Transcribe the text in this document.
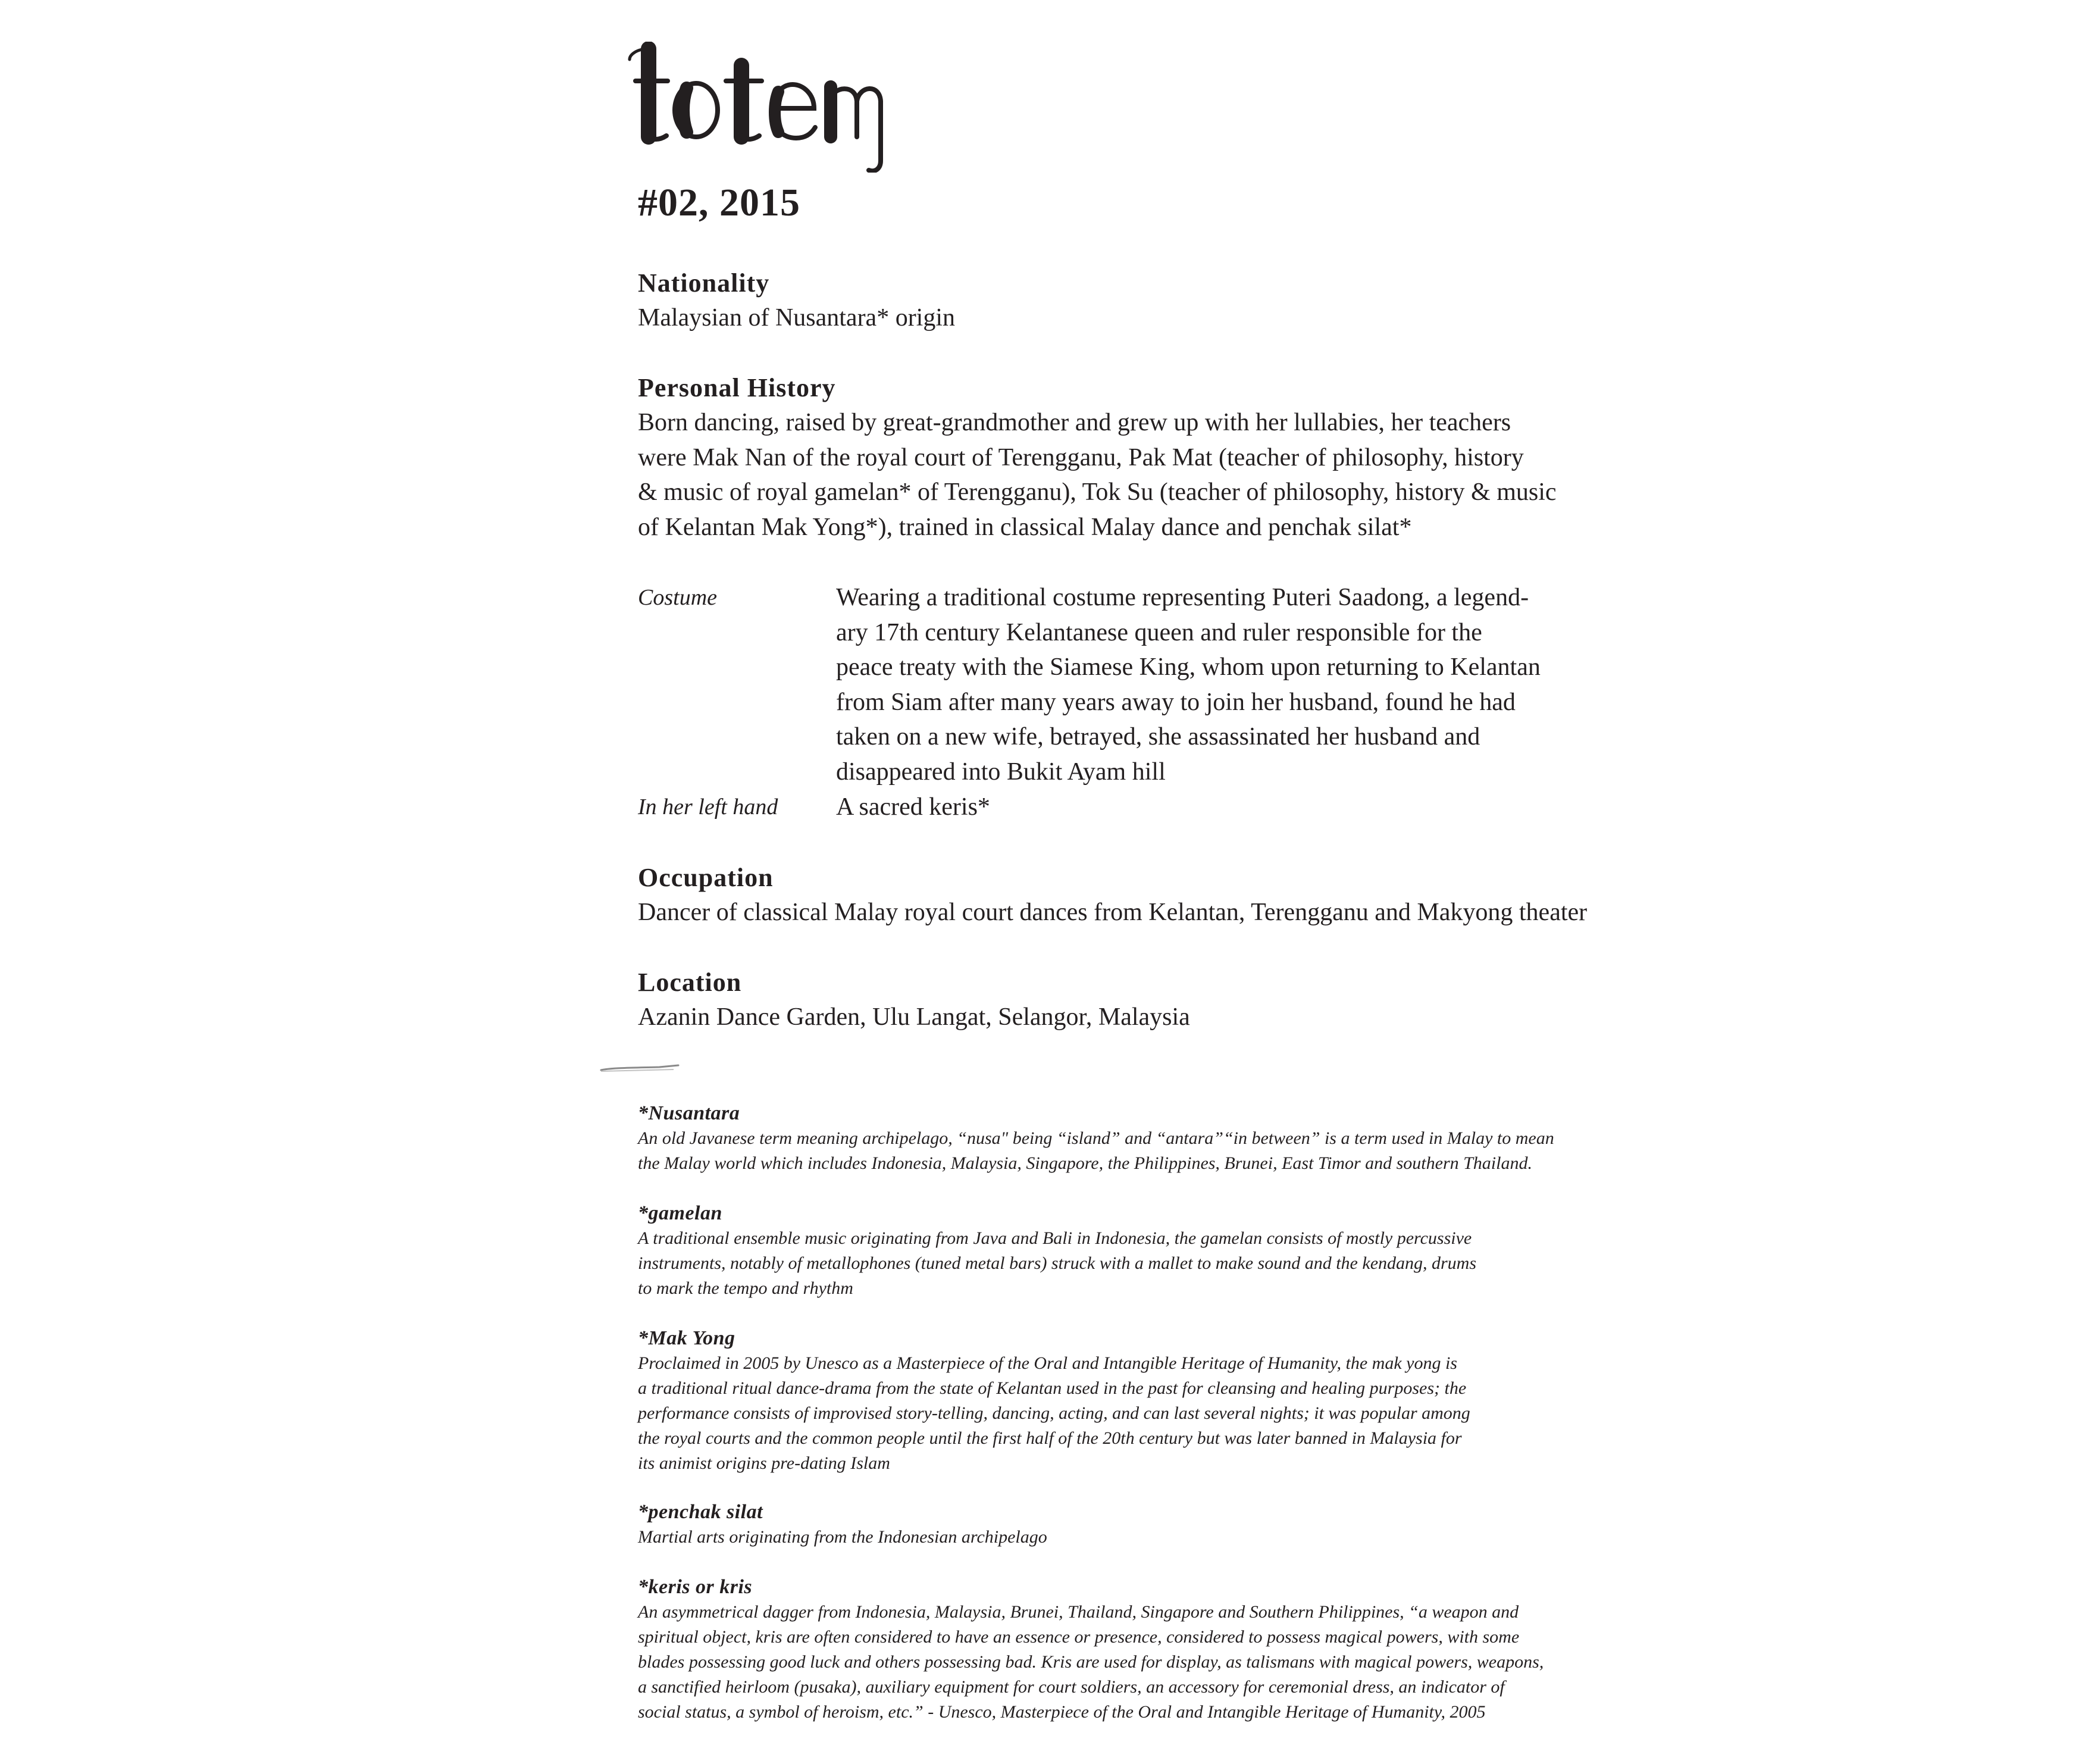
#02, 2015
Nationality
Malaysian of Nusantara* origin
Personal History
Born dancing, raised by great-grandmother and grew up with her lullabies, her teachers
were Mak Nan of the royal court of Terengganu, Pak Mat (teacher of philosophy, history
& music of royal gamelan* of Terengganu), Tok Su (teacher of philosophy, history & music
of Kelantan Mak Yong*), trained in classical Malay dance and penchak silat*
Costume	Wearing a traditional costume representing Puteri Saadong, a legend-
ary 17th century Kelantanese queen and ruler responsible for the
peace treaty with the Siamese King, whom upon returning to Kelantan
from Siam after many years away to join her husband, found he had
taken on a new wife, betrayed, she assassinated her husband and
disappeared into Bukit Ayam hill
In her left hand A sacred keris*
Occupation
Dancer of classical Malay royal court dances from Kelantan, Terengganu and Makyong theater
Location
Azanin Dance Garden, Ulu Langat, Selangor, Malaysia
*Nusantara
An old Javanese term meaning archipelago, “nusa" being “island” and “antara”“in between” is a term used in Malay to mean
the Malay world which includes Indonesia, Malaysia, Singapore, the Philippines, Brunei, East Timor and southern Thailand.
*gamelan
A traditional ensemble music originating from Java and Bali in Indonesia, the gamelan consists of mostly percussive
instruments, notably of metallophones (tuned metal bars) struck with a mallet to make sound and the kendang, drums
to mark the tempo and rhythm
*Mak Yong
Proclaimed in 2005 by Unesco as a Masterpiece of the Oral and Intangible Heritage of Humanity, the mak yong is
a traditional ritual dance-drama from the state of Kelantan used in the past for cleansing and healing purposes; the
performance consists of improvised story-telling, dancing, acting, and can last several nights; it was popular among
the royal courts and the common people until the first half of the 20th century but was later banned in Malaysia for
its animist origins pre-dating Islam
*penchak silat
Martial arts originating from the Indonesian archipelago
*keris or kris
An asymmetrical dagger from Indonesia, Malaysia, Brunei, Thailand, Singapore and Southern Philippines, “a weapon and
spiritual object, kris are often considered to have an essence or presence, considered to possess magical powers, with some
blades possessing good luck and others possessing bad. Kris are used for display, as talismans with magical powers, weapons,
a sanctified heirloom (pusaka), auxiliary equipment for court soldiers, an accessory for ceremonial dress, an indicator of
social status, a symbol of heroism, etc.” - Unesco, Masterpiece of the Oral and Intangible Heritage of Humanity, 2005
